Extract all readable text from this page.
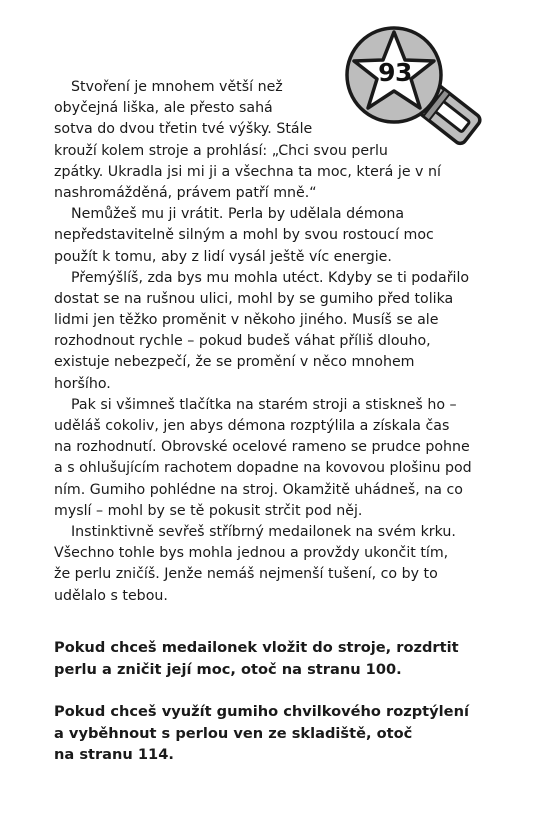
93

Stvoření je mnohem větší než
obyčejná liška, ale přesto sahá
sotva do dvou třetin tvé výšky. Stále
krouží kolem stroje a prohlásí: „Chci svou perlu
zpátky. Ukradla jsi mi ji a všechna ta moc, která je v ní
nashromážděná, právem patří mně.“

Nemůžeš mu ji vrátit. Perla by udělala démona
nepředstavitelně silným a mohl by svou rostoucí moc
použít k tomu, aby z lidí vysál ještě víc energie.

Přemýšlíš, zda bys mu mohla utéct. Kdyby se ti podařilo
dostat se na rušnou ulici, mohl by se gumiho před tolika
lidmi jen těžko proměnit v někoho jiného. Musíš se ale
rozhodnout rychle – pokud budeš váhat příliš dlouho,
existuje nebezpečí, že se promění v něco mnohem
horšího.

Pak si všimneš tlačítka na starém stroji a stiskneš ho –
uděláš cokoliv, jen abys démona rozptýlila a získala čas
na rozhodnutí. Obrovské ocelové rameno se prudce pohne
a s ohlušujícím rachotem dopadne na kovovou plošinu pod
ním. Gumiho pohlédne na stroj. Okamžitě uhádneš, na co
myslí – mohl by se tě pokusit strčit pod něj.

Instinktivně sevřeš stříbrný medailonek na svém krku.
Všechno tohle bys mohla jednou a provždy ukončit tím,
že perlu zničíš. Jenže nemáš nejmenší tušení, co by to
udělalo s tebou.

Pokud chceš medailonek vložit do stroje, rozdrtit
perlu a zničit její moc, otoč na stranu 100.
Pokud chceš využít gumiho chvilkového rozptýlení
a vyběhnout s perlou ven ze skladiště, otoč
na stranu 114.
